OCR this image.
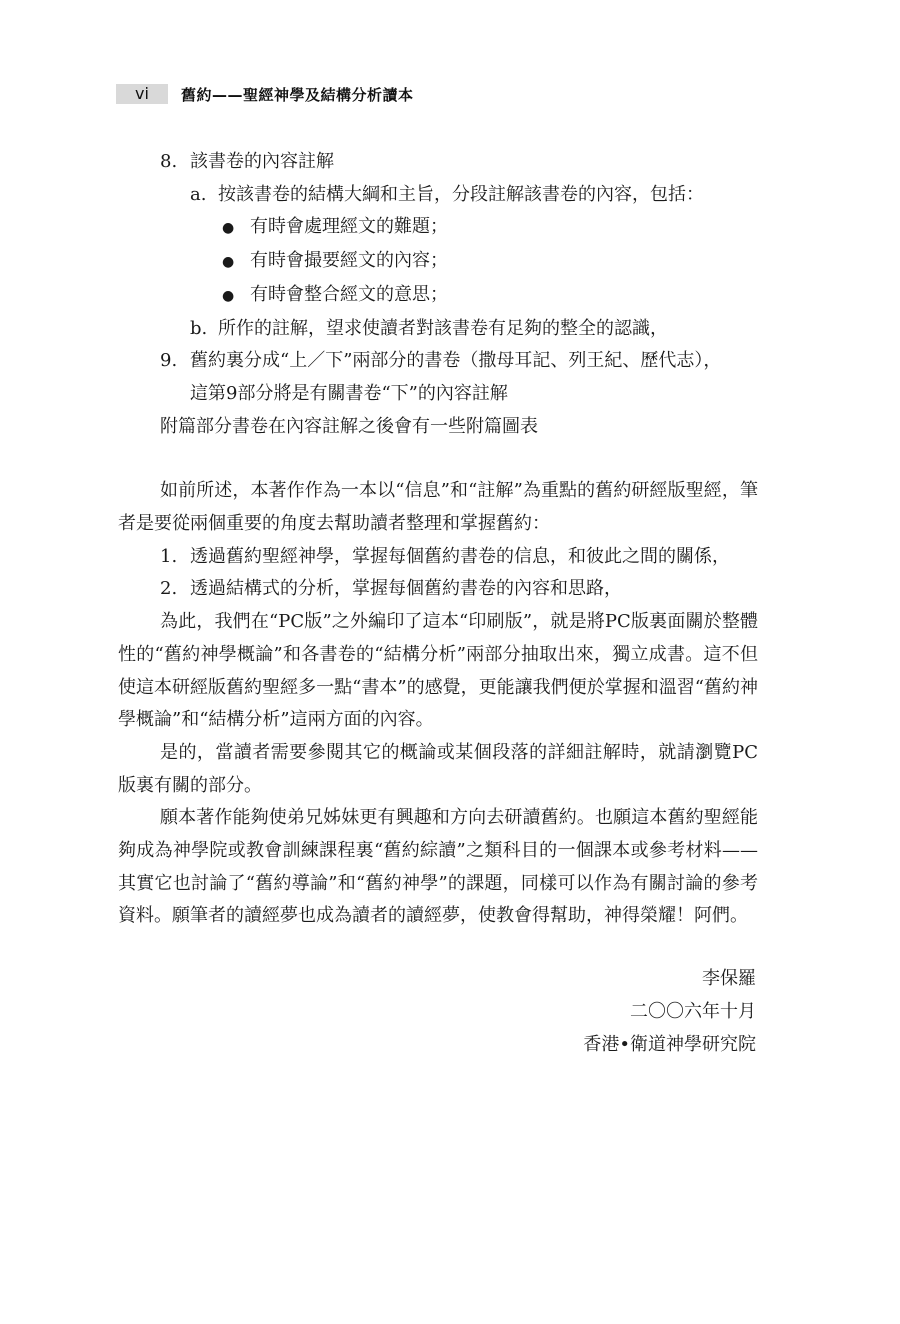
vi	舊約——聖經神學及結構分析讀本
8. 該書卷的內容註解
a. 按該書卷的結構大綱和主旨，分段註解該書卷的內容，包括：
● 有時會處理經文的難題；
● 有時會撮要經文的內容；
● 有時會整合經文的意思；
b. 所作的註解，望求使讀者對該書卷有足夠的整全的認識，
9. 舊約裏分成“上／下”兩部分的書卷（撒母耳記、列王紀、歷代志），
這第9部分將是有關書卷“下”的內容註解
附篇部分書卷在內容註解之後會有一些附篇圖表
如前所述，本著作作為一本以“信息”和“註解”為重點的舊約研經版聖經，筆者是要從兩個重要的角度去幫助讀者整理和掌握舊約：
1. 透過舊約聖經神學，掌握每個舊約書卷的信息，和彼此之間的關係，
2. 透過結構式的分析，掌握每個舊約書卷的內容和思路，
為此，我們在“PC版”之外編印了這本“印刷版”，就是將PC版裏面關於整體性的“舊約神學概論”和各書卷的“結構分析”兩部分抽取出來，獨立成書。這不但使這本研經版舊約聖經多一點“書本”的感覺，更能讓我們便於掌握和溫習“舊約神學概論”和“結構分析”這兩方面的內容。
是的，當讀者需要參閱其它的概論或某個段落的詳細註解時，就請瀏覽PC版裏有關的部分。
願本著作能夠使弟兄姊妹更有興趣和方向去研讀舊約。也願這本舊約聖經能夠成為神學院或教會訓練課程裏“舊約綜讀”之類科目的一個課本或參考材料——其實它也討論了“舊約導論”和“舊約神學”的課題，同樣可以作為有關討論的參考資料。願筆者的讀經夢也成為讀者的讀經夢，使教會得幫助，神得榮耀！阿們。
李保羅
二〇〇六年十月
香港•衛道神學研究院
